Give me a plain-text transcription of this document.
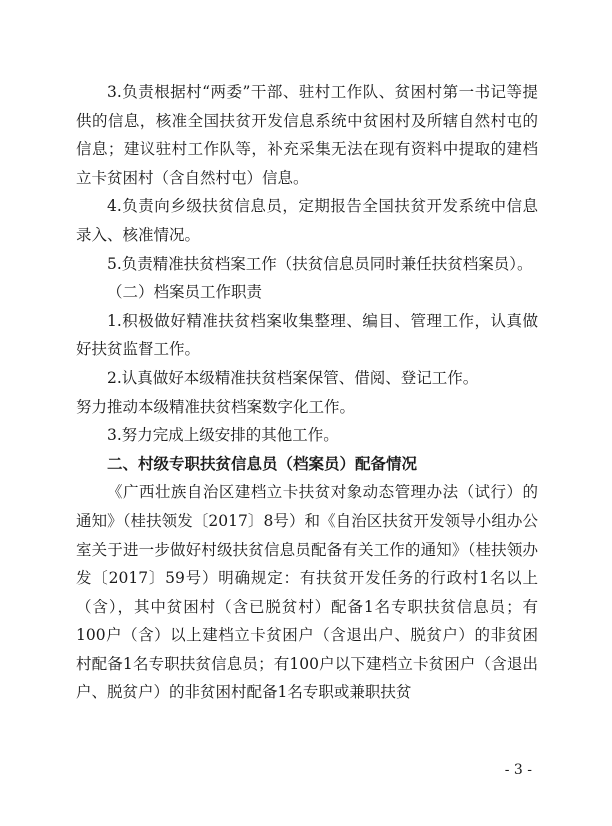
3.负责根据村“两委”干部、驻村工作队、贫困村第一书记等提供的信息，核准全国扶贫开发信息系统中贫困村及所辖自然村屯的信息；建议驻村工作队等，补充采集无法在现有资料中提取的建档立卡贫困村（含自然村屯）信息。

4.负责向乡级扶贫信息员，定期报告全国扶贫开发系统中信息录入、核准情况。

5.负责精准扶贫档案工作（扶贫信息员同时兼任扶贫档案员）。

（二）档案员工作职责

1.积极做好精准扶贫档案收集整理、编目、管理工作，认真做好扶贫监督工作。

2.认真做好本级精准扶贫档案保管、借阅、登记工作。

努力推动本级精准扶贫档案数字化工作。

3.努力完成上级安排的其他工作。

二、村级专职扶贫信息员（档案员）配备情况

《广西壮族自治区建档立卡扶贫对象动态管理办法（试行）的通知》（桂扶领发〔2017〕8号）和《自治区扶贫开发领导小组办公室关于进一步做好村级扶贫信息员配备有关工作的通知》（桂扶领办发〔2017〕59号）明确规定：有扶贫开发任务的行政村1名以上（含），其中贫困村（含已脱贫村）配备1名专职扶贫信息员；有100户（含）以上建档立卡贫困户（含退出户、脱贫户）的非贫困村配备1名专职扶贫信息员；有100户以下建档立卡贫困户（含退出户、脱贫户）的非贫困村配备1名专职或兼职扶贫

- 3 -
